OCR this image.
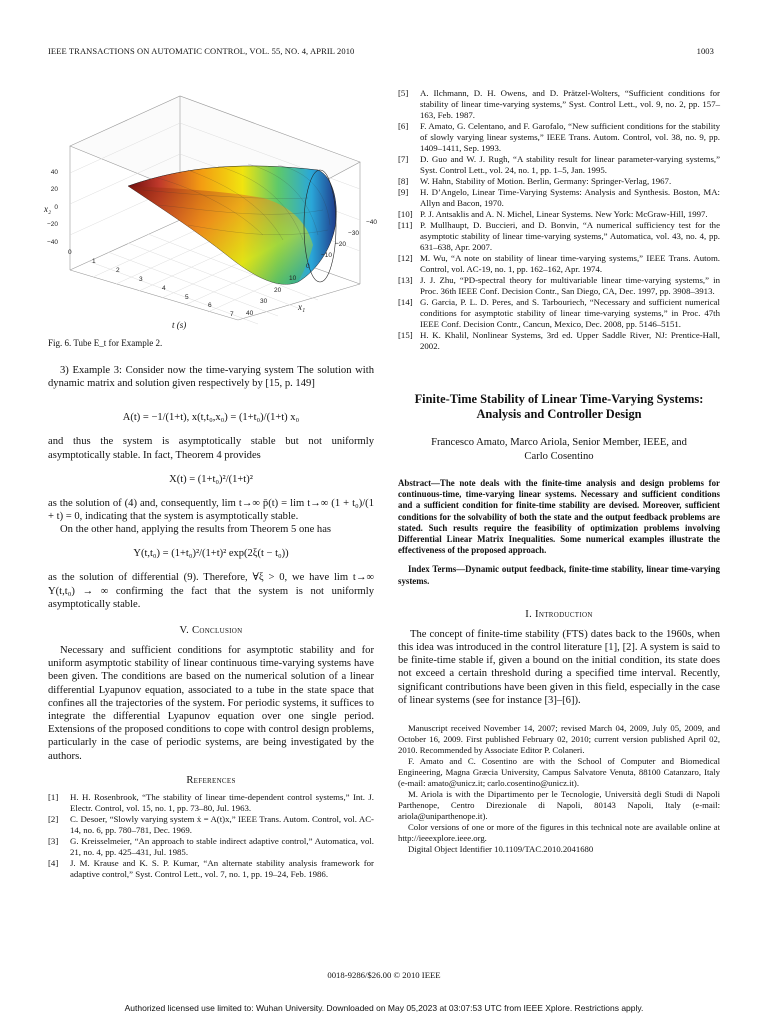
IEEE TRANSACTIONS ON AUTOMATIC CONTROL, VOL. 55, NO. 4, APRIL 2010	1003
40
20
0
−20
−40
x₂
0
1
2
3
4
5
6
7
t (s)
−40
−30
−20
−10
0
10
20
30
40
x₁
Fig. 6. Tube E_t for Example 2.

3) Example 3: Consider now the time-varying system The solution with dynamic matrix and solution given respectively by [15, p. 149]

A(t) = −1/(1+t), x(t,t₀,x₀) = (1+t₀)/(1+t) x₀

and thus the system is asymptotically stable but not uniformly asymptotically stable. In fact, Theorem 4 provides

X(t) = (1+t₀)²/(1+t)²

as the solution of (4) and, consequently, lim t→∞ p̄(t) = lim t→∞ (1 + t₀)/(1 + t) = 0, indicating that the system is asymptotically stable.

On the other hand, applying the results from Theorem 5 one has

Y(t,t₀) = (1+t₀)²/(1+t)² exp(2ξ(t − t₀))

as the solution of differential (9). Therefore, ∀ξ > 0, we have lim t→∞ Y(t,t₀) → ∞ confirming the fact that the system is not uniformly asymptotically stable.

V. Conclusion

Necessary and sufficient conditions for asymptotic stability and for uniform asymptotic stability of linear continuous time-varying systems have been given. The conditions are based on the numerical solution of a linear differential Lyapunov equation, associated to a tube in the state space that confines all the trajectories of the system. For periodic systems, it suffices to integrate the differential Lyapunov equation over one single period. Extensions of the proposed conditions to cope with control design problems, particularly in the case of periodic systems, are being investigated by the authors.

References
[1]	H. H. Rosenbrook, “The stability of linear time-dependent control systems,” Int. J. Electr. Control, vol. 15, no. 1, pp. 73–80, Jul. 1963.
[2]	C. Desoer, “Slowly varying system ẋ = A(t)x,” IEEE Trans. Autom. Control, vol. AC-14, no. 6, pp. 780–781, Dec. 1969.
[3]	G. Kreisselmeier, “An approach to stable indirect adaptive control,” Automatica, vol. 21, no. 4, pp. 425–431, Jul. 1985.
[4]	J. M. Krause and K. S. P. Kumar, “An alternate stability analysis framework for adaptive control,” Syst. Control Lett., vol. 7, no. 1, pp. 19–24, Feb. 1986.
[5]	A. Ilchmann, D. H. Owens, and D. Prätzel-Wolters, “Sufficient conditions for stability of linear time-varying systems,” Syst. Control Lett., vol. 9, no. 2, pp. 157–163, Feb. 1987.
[6]	F. Amato, G. Celentano, and F. Garofalo, “New sufficient conditions for the stability of slowly varying linear systems,” IEEE Trans. Autom. Control, vol. 38, no. 9, pp. 1409–1411, Sep. 1993.
[7]	D. Guo and W. J. Rugh, “A stability result for linear parameter-varying systems,” Syst. Control Lett., vol. 24, no. 1, pp. 1–5, Jan. 1995.
[8]	W. Hahn, Stability of Motion. Berlin, Germany: Springer-Verlag, 1967.
[9]	H. D’Angelo, Linear Time-Varying Systems: Analysis and Synthesis. Boston, MA: Allyn and Bacon, 1970.
[10] P. J. Antsaklis and A. N. Michel, Linear Systems. New York: McGraw-Hill, 1997.
[11] P. Mullhaupt, D. Buccieri, and D. Bonvin, “A numerical sufficiency test for the asymptotic stability of linear time-varying systems,” Automatica, vol. 43, no. 4, pp. 631–638, Apr. 2007.
[12] M. Wu, “A note on stability of linear time-varying systems,” IEEE Trans. Autom. Control, vol. AC-19, no. 1, pp. 162–162, Apr. 1974.
[13] J. J. Zhu, “PD-spectral theory for multivariable linear time-varying systems,” in Proc. 36th IEEE Conf. Decision Contr., San Diego, CA, Dec. 1997, pp. 3908–3913.
[14] G. Garcia, P. L. D. Peres, and S. Tarbouriech, “Necessary and sufficient numerical conditions for asymptotic stability of linear time-varying systems,” in Proc. 47th IEEE Conf. Decision Contr., Cancun, Mexico, Dec. 2008, pp. 5146–5151.
[15] H. K. Khalil, Nonlinear Systems, 3rd ed. Upper Saddle River, NJ: Prentice-Hall, 2002.
Finite-Time Stability of Linear Time-Varying Systems: Analysis and Controller Design
Francesco Amato, Marco Ariola, Senior Member, IEEE, and
Carlo Cosentino
Abstract—The note deals with the finite-time analysis and design problems for continuous-time, time-varying linear systems. Necessary and sufficient conditions and a sufficient condition for finite-time stability are devised. Moreover, sufficient conditions for the solvability of both the state and the output feedback problems are stated. Such results require the feasibility of optimization problems involving Differential Linear Matrix Inequalities. Some numerical examples illustrate the effectiveness of the proposed approach.
Index Terms—Dynamic output feedback, finite-time stability, linear time-varying systems.
I. Introduction

The concept of finite-time stability (FTS) dates back to the 1960s, when this idea was introduced in the control literature [1], [2]. A system is said to be finite-time stable if, given a bound on the initial condition, its state does not exceed a certain threshold during a specified time interval. Recently, significant contributions have been given in this field, especially in the case of linear systems (see for instance [3]–[6]).

Manuscript received November 14, 2007; revised March 04, 2009, July 05, 2009, and October 16, 2009. First published February 02, 2010; current version published April 02, 2010. Recommended by Associate Editor P. Colaneri.

F. Amato and C. Cosentino are with the School of Computer and Biomedical Engineering, Magna Græcia University, Campus Salvatore Venuta, 88100 Catanzaro, Italy (e-mail: amato@unicz.it; carlo.cosentino@unicz.it).

M. Ariola is with the Dipartimento per le Tecnologie, Università degli Studi di Napoli Parthenope, Centro Direzionale di Napoli, 80143 Napoli, Italy (e-mail: ariola@uniparthenope.it).

Color versions of one or more of the figures in this technical note are available online at http://ieeexplore.ieee.org.

Digital Object Identifier 10.1109/TAC.2010.2041680

0018-9286/$26.00 © 2010 IEEE
Authorized licensed use limited to: Wuhan University. Downloaded on May 05,2023 at 03:07:53 UTC from IEEE Xplore. Restrictions apply.
